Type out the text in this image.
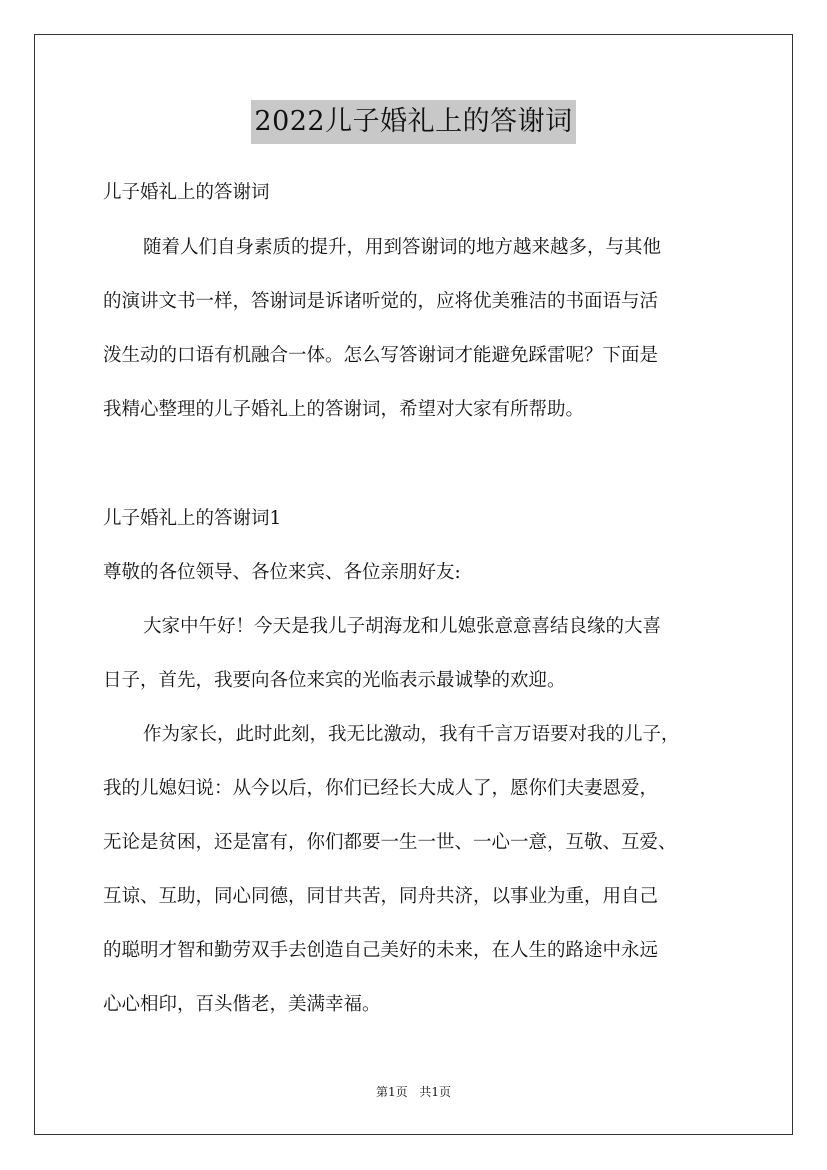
2022儿子婚礼上的答谢词
儿子婚礼上的答谢词
随着人们自身素质的提升，用到答谢词的地方越来越多，与其他
的演讲文书一样，答谢词是诉诸听觉的，应将优美雅洁的书面语与活
泼生动的口语有机融合一体。怎么写答谢词才能避免踩雷呢？下面是
我精心整理的儿子婚礼上的答谢词，希望对大家有所帮助。
儿子婚礼上的答谢词1
尊敬的各位领导、各位来宾、各位亲朋好友:
大家中午好！今天是我儿子胡海龙和儿媳张意意喜结良缘的大喜
日子，首先，我要向各位来宾的光临表示最诚挚的欢迎。
作为家长，此时此刻，我无比激动，我有千言万语要对我的儿子，
我的儿媳妇说：从今以后，你们已经长大成人了，愿你们夫妻恩爱，
无论是贫困，还是富有，你们都要一生一世、一心一意，互敬、互爱、
互谅、互助，同心同德，同甘共苦，同舟共济，以事业为重，用自己
的聪明才智和勤劳双手去创造自己美好的未来，在人生的路途中永远
心心相印，百头偕老，美满幸福。
第1页 共1页
